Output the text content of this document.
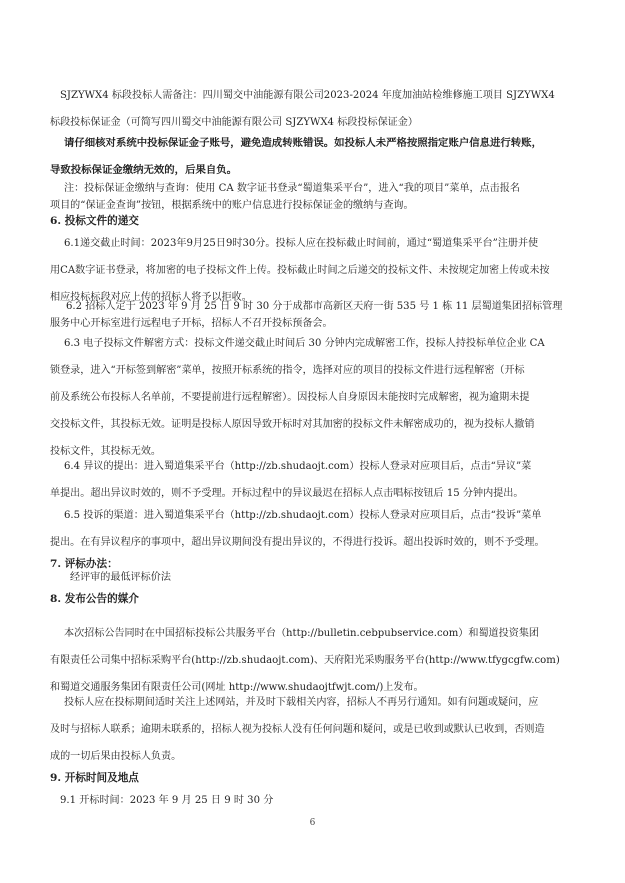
SJZYWX4 标段投标人需备注：四川蜀交中油能源有限公司2023-2024 年度加油站检维修施工项目 SJZYWX4
标段投标保证金（可简写四川蜀交中油能源有限公司 SJZYWX4 标段投标保证金）
请仔细核对系统中投标保证金子账号，避免造成转账错误。如投标人未严格按照指定账户信息进行转账，
导致投标保证金缴纳无效的，后果自负。
注：投标保证金缴纳与查询：使用 CA 数字证书登录“蜀道集采平台”，进入“我的项目”菜单，点击报名
项目的“保证金查询”按钮，根据系统中的账户信息进行投标保证金的缴纳与查询。
6. 投标文件的递交
6.1递交截止时间：2023年9月25日9时30分。投标人应在投标截止时间前，通过“蜀道集采平台”注册并使
用CA数字证书登录，将加密的电子投标文件上传。投标截止时间之后递交的投标文件、未按规定加密上传或未按
相应投标标段对应上传的招标人将予以拒收。
6.2 招标人定于 2023 年 9 月 25 日 9 时 30 分于成都市高新区天府一街 535 号 1 栋 11 层蜀道集团招标管理
服务中心开标室进行远程电子开标，招标人不召开投标预备会。
6.3 电子投标文件解密方式：投标文件递交截止时间后 30 分钟内完成解密工作，投标人持投标单位企业 CA
锁登录，进入“开标签到解密”菜单，按照开标系统的指令，选择对应的项目的投标文件进行远程解密（开标
前及系统公布投标人名单前，不要提前进行远程解密）。因投标人自身原因未能按时完成解密，视为逾期未提
交投标文件，其投标无效。证明是投标人原因导致开标时对其加密的投标文件未解密成功的，视为投标人撤销
投标文件，其投标无效。
6.4 异议的提出：进入蜀道集采平台（http://zb.shudaojt.com）投标人登录对应项目后，点击“异议”菜
单提出。超出异议时效的，则不予受理。开标过程中的异议最迟在招标人点击唱标按钮后 15 分钟内提出。
6.5 投诉的渠道：进入蜀道集采平台（http://zb.shudaojt.com）投标人登录对应项目后，点击“投诉”菜单
提出。在有异议程序的事项中，超出异议期间没有提出异议的，不得进行投诉。超出投诉时效的，则不予受理。
7. 评标办法：
经评审的最低评标价法
8. 发布公告的媒介
本次招标公告同时在中国招标投标公共服务平台（http://bulletin.cebpubservice.com）和蜀道投资集团
有限责任公司集中招标采购平台(http://zb.shudaojt.com)、天府阳光采购服务平台(http://www.tfygcgfw.com)
和蜀道交通服务集团有限责任公司(网址 http://www.shudaojtfwjt.com/)上发布。
投标人应在投标期间适时关注上述网站，并及时下载相关内容，招标人不再另行通知。如有问题或疑问，应
及时与招标人联系；逾期未联系的，招标人视为投标人没有任何问题和疑问，或是已收到或默认已收到，否则造
成的一切后果由投标人负责。
9. 开标时间及地点
9.1 开标时间：2023 年 9 月 25 日 9 时 30 分
6
